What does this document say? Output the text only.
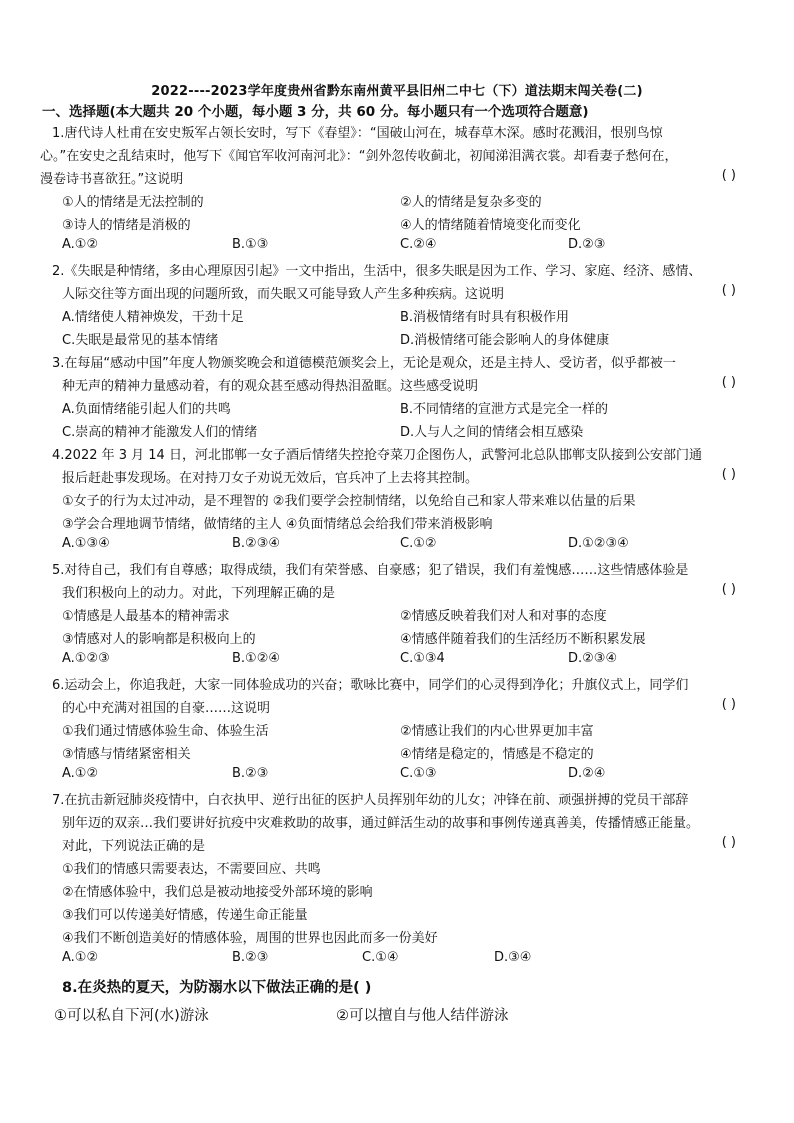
2022----2023学年度贵州省黔东南州黄平县旧州二中七（下）道法期末闯关卷(二)
一、选择题(本大题共 20 个小题，每小题 3 分，共 60 分。每小题只有一个选项符合题意)
1.唐代诗人杜甫在安史叛军占领长安时，写下《春望》：“国破山河在，城春草木深。感时花溅泪，恨别鸟惊
心。”在安史之乱结束时，他写下《闻官军收河南河北》：“剑外忽传收蓟北，初闻涕泪满衣裳。却看妻子愁何在，
漫卷诗书喜欲狂。”这说明	( )
①人的情绪是无法控制的	②人的情绪是复杂多变的
③诗人的情绪是消极的	④人的情绪随着情境变化而变化
A.①②	B.①③	C.②④	D.②③
2.《失眠是种情绪，多由心理原因引起》一文中指出，生活中，很多失眠是因为工作、学习、家庭、经济、感情、
人际交往等方面出现的问题所致，而失眠又可能导致人产生多种疾病。这说明	( )
A.情绪使人精神焕发，干劲十足	B.消极情绪有时具有积极作用
C.失眠是最常见的基本情绪	D.消极情绪可能会影响人的身体健康
3.在每届“感动中国”年度人物颁奖晚会和道德模范颁奖会上，无论是观众，还是主持人、受访者，似乎都被一
种无声的精神力量感动着，有的观众甚至感动得热泪盈眶。这些感受说明	( )
A.负面情绪能引起人们的共鸣	B.不同情绪的宣泄方式是完全一样的
C.崇高的精神才能激发人们的情绪	D.人与人之间的情绪会相互感染
4.2022 年 3 月 14 日，河北邯郸一女子酒后情绪失控抢夺菜刀企图伤人，武警河北总队邯郸支队接到公安部门通
报后赶赴事发现场。在对持刀女子劝说无效后，官兵冲了上去将其控制。	( )
①女子的行为太过冲动，是不理智的 ②我们要学会控制情绪，以免给自己和家人带来难以估量的后果
③学会合理地调节情绪，做情绪的主人 ④负面情绪总会给我们带来消极影响
A.①③④	B.②③④	C.①②	D.①②③④
5.对待自己，我们有自尊感；取得成绩，我们有荣誉感、自豪感；犯了错误，我们有羞愧感……这些情感体验是
我们积极向上的动力。对此，下列理解正确的是	( )
①情感是人最基本的精神需求	②情感反映着我们对人和对事的态度
③情感对人的影响都是积极向上的	④情感伴随着我们的生活经历不断积累发展
A.①②③	B.①②④	C.①③4	D.②③④
6.运动会上，你追我赶，大家一同体验成功的兴奋；歌咏比赛中，同学们的心灵得到净化；升旗仪式上，同学们
的心中充满对祖国的自豪……这说明	( )
①我们通过情感体验生命、体验生活	②情感让我们的内心世界更加丰富
③情感与情绪紧密相关	④情绪是稳定的，情感是不稳定的
A.①②	B.②③	C.①③	D.②④
7.在抗击新冠肺炎疫情中，白衣执甲、逆行出征的医护人员挥别年幼的儿女；冲锋在前、顽强拼搏的党员干部辞
别年迈的双亲…我们要讲好抗疫中灾难救助的故事，通过鲜活生动的故事和事例传递真善美，传播情感正能量。
对此，下列说法正确的是	( )
①我们的情感只需要表达，不需要回应、共鸣
②在情感体验中，我们总是被动地接受外部环境的影响
③我们可以传递美好情感，传递生命正能量
④我们不断创造美好的情感体验，周围的世界也因此而多一份美好
A.①②	B.②③	C.①④	D.③④
8.在炎热的夏天，为防溺水以下做法正确的是( )
①可以私自下河(水)游泳	②可以擅自与他人结伴游泳
